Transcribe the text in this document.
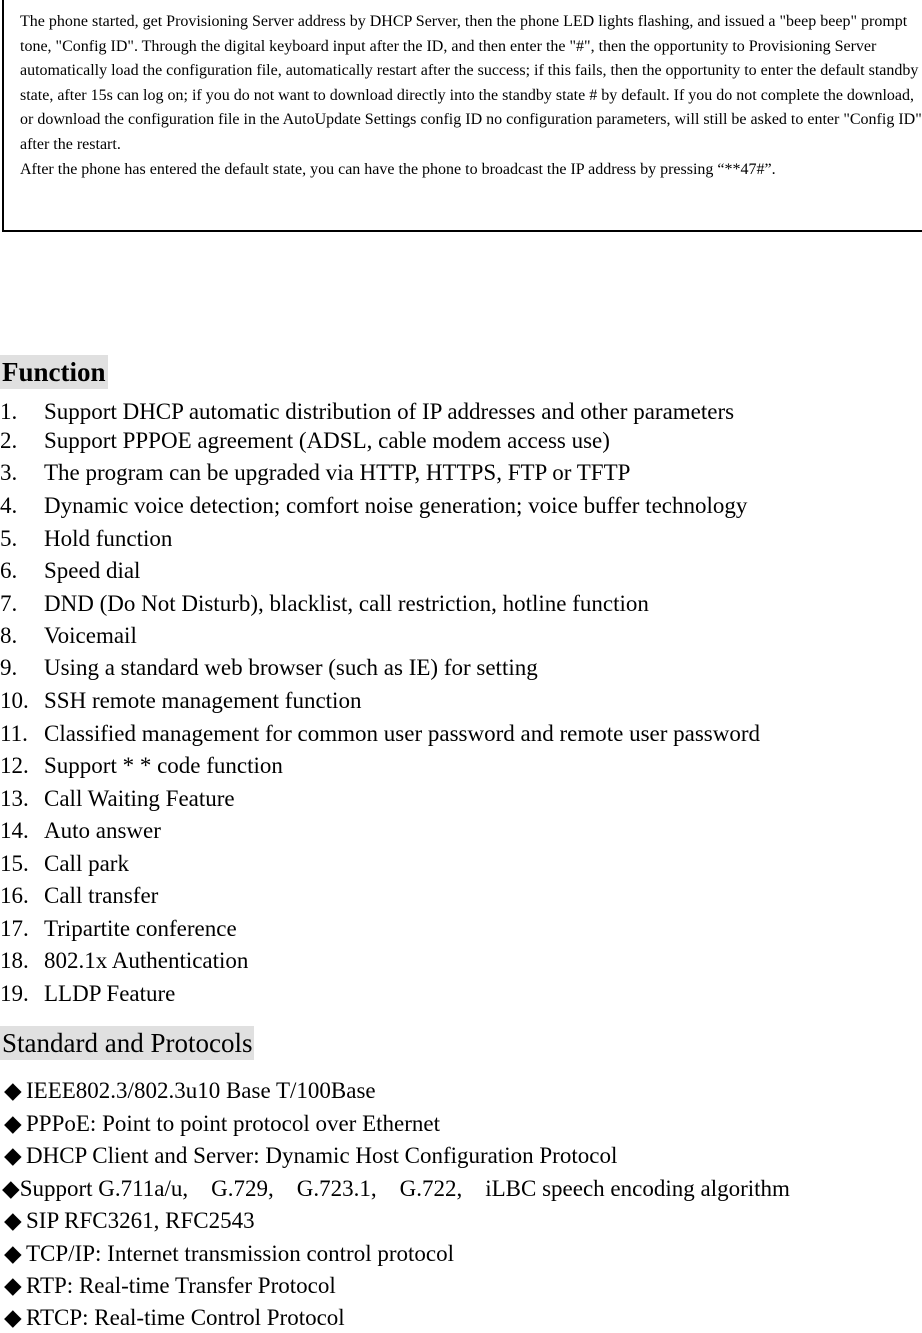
The phone started, get Provisioning Server address by DHCP Server, then the phone LED lights flashing, and issued a "beep beep" prompt tone, "Config ID". Through the digital keyboard input after the ID, and then enter the "#", then the opportunity to Provisioning Server automatically load the configuration file, automatically restart after the success; if this fails, then the opportunity to enter the default standby state, after 15s can log on; if you do not want to download directly into the standby state # by default. If you do not complete the download, or download the configuration file in the AutoUpdate Settings config ID no configuration parameters, will still be asked to enter "Config ID" after the restart.

After the phone has entered the default state, you can have the phone to broadcast the IP address by pressing “**47#”.

Function
1. Support DHCP automatic distribution of IP addresses and other parameters
2. Support PPPOE agreement (ADSL, cable modem access use)
3. The program can be upgraded via HTTP, HTTPS, FTP or TFTP
4. Dynamic voice detection; comfort noise generation; voice buffer technology
5. Hold function
6. Speed dial
7. DND (Do Not Disturb), blacklist, call restriction, hotline function
8. Voicemail
9. Using a standard web browser (such as IE) for setting
10. SSH remote management function
11. Classified management for common user password and remote user password
12. Support * * code function
13. Call Waiting Feature
14. Auto answer
15. Call park
16. Call transfer
17. Tripartite conference
18. 802.1x Authentication
19. LLDP Feature
Standard and Protocols
◆ IEEE802.3/802.3u10 Base T/100Base
◆ PPPoE: Point to point protocol over Ethernet
◆ DHCP Client and Server: Dynamic Host Configuration Protocol
◆Support G.711a/u,    G.729,    G.723.1,    G.722,    iLBC speech encoding algorithm
◆ SIP RFC3261, RFC2543
◆ TCP/IP: Internet transmission control protocol
◆ RTP: Real-time Transfer Protocol
◆ RTCP: Real-time Control Protocol
